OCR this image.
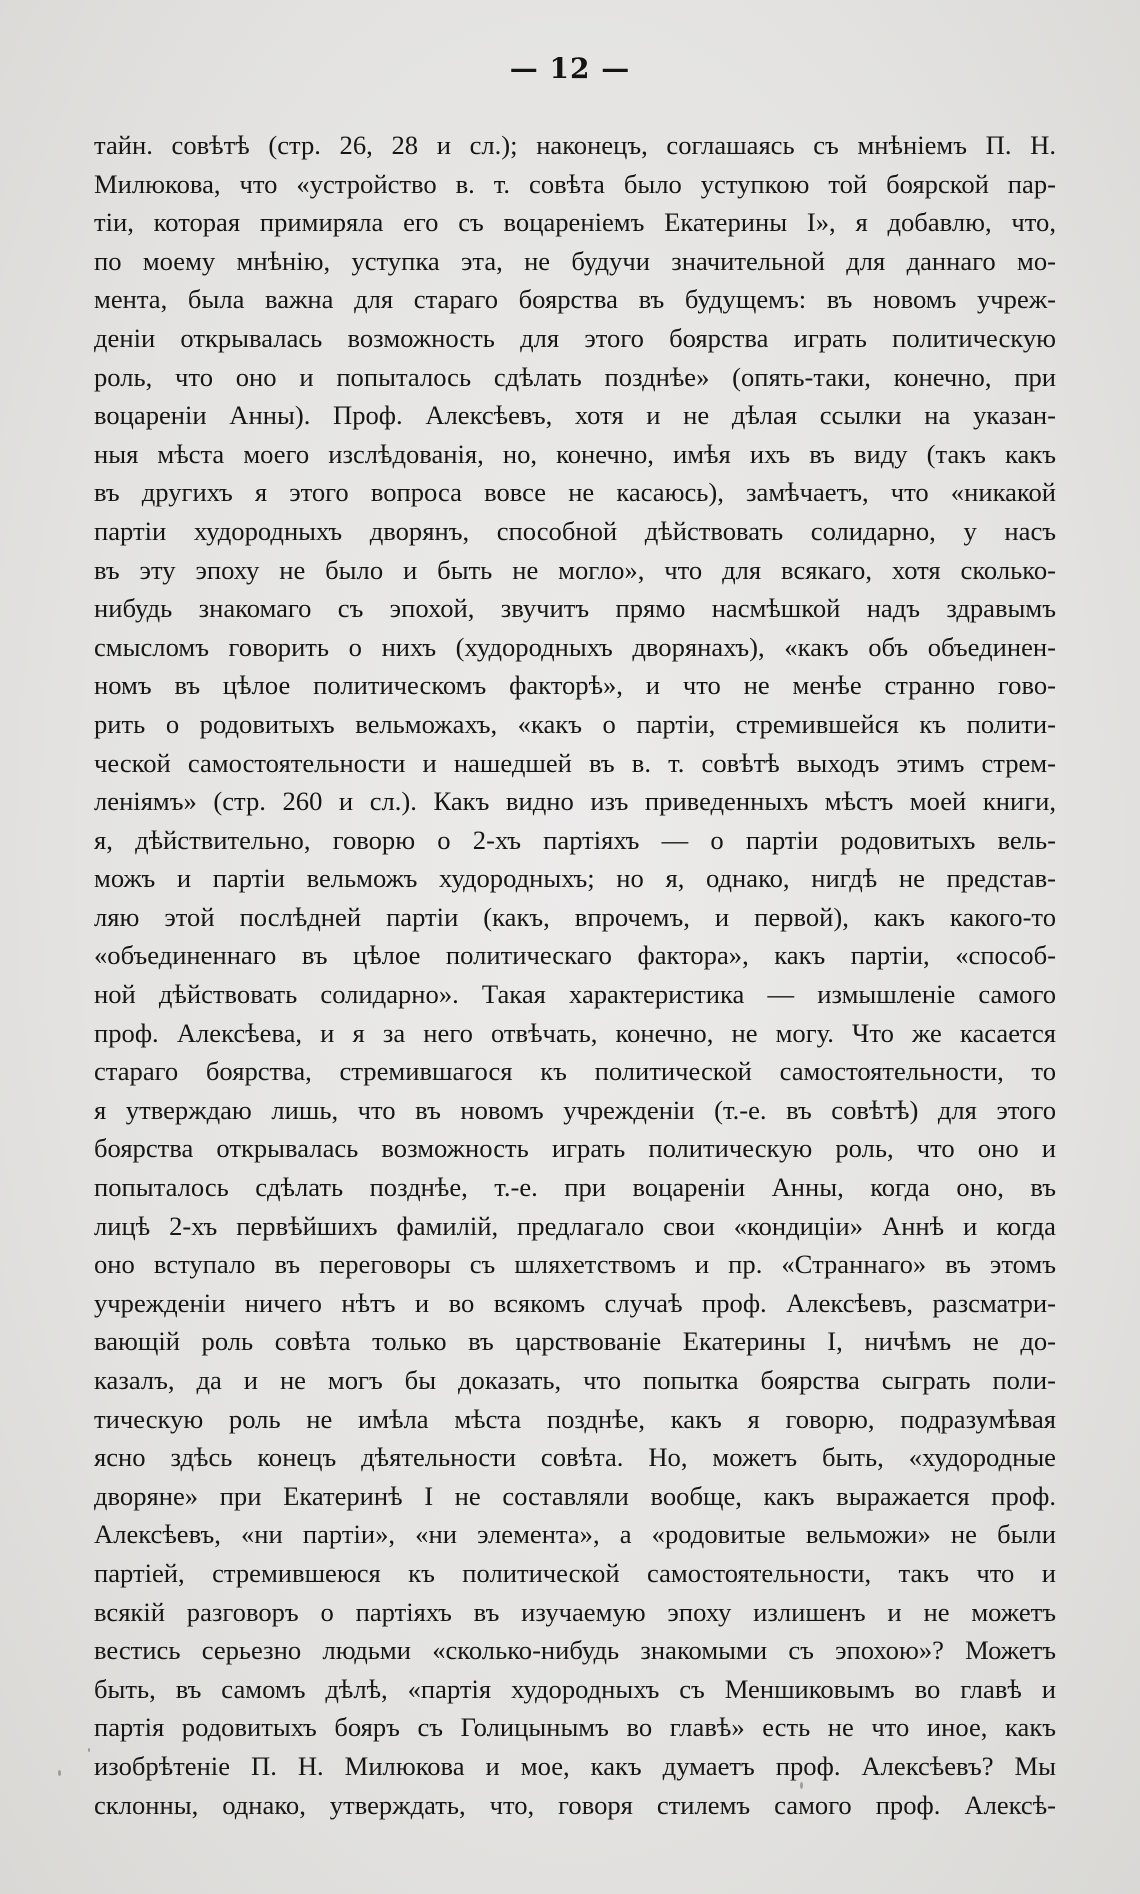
— 12 —
тайн. совѣтѣ (стр. 26, 28 и сл.); наконецъ, соглашаясь съ мнѣніемъ П. Н.
Милюкова, что «устройство в. т. совѣта было уступкою той боярской пар-
тіи, которая примиряла его съ воцареніемъ Екатерины I», я добавлю, что,
по моему мнѣнію, уступка эта, не будучи значительной для даннаго мо-
мента, была важна для стараго боярства въ будущемъ: въ новомъ учреж-
деніи открывалась возможность для этого боярства играть политическую
роль, что оно и попыталось сдѣлать позднѣе» (опять-таки, конечно, при
воцареніи Анны). Проф. Алексѣевъ, хотя и не дѣлая ссылки на указан-
ныя мѣста моего изслѣдованія, но, конечно, имѣя ихъ въ виду (такъ какъ
въ другихъ я этого вопроса вовсе не касаюсь), замѣчаетъ, что «никакой
партіи худородныхъ дворянъ, способной дѣйствовать солидарно, у насъ
въ эту эпоху не было и быть не могло», что для всякаго, хотя сколько-
нибудь знакомаго съ эпохой, звучитъ прямо насмѣшкой надъ здравымъ
смысломъ говорить о нихъ (худородныхъ дворянахъ), «какъ объ объединен-
номъ въ цѣлое политическомъ факторѣ», и что не менѣе странно гово-
рить о родовитыхъ вельможахъ, «какъ о партіи, стремившейся къ полити-
ческой самостоятельности и нашедшей въ в. т. совѣтѣ выходъ этимъ стрем-
леніямъ» (стр. 260 и сл.). Какъ видно изъ приведенныхъ мѣстъ моей книги,
я, дѣйствительно, говорю о 2-хъ партіяхъ — о партіи родовитыхъ вель-
можъ и партіи вельможъ худородныхъ; но я, однако, нигдѣ не представ-
ляю этой послѣдней партіи (какъ, впрочемъ, и первой), какъ какого-то
«объединеннаго въ цѣлое политическаго фактора», какъ партіи, «способ-
ной дѣйствовать солидарно». Такая характеристика — измышленіе самого
проф. Алексѣева, и я за него отвѣчать, конечно, не могу. Что же касается
стараго боярства, стремившагося къ политической самостоятельности, то
я утверждаю лишь, что въ новомъ учрежденіи (т.-е. въ совѣтѣ) для этого
боярства открывалась возможность играть политическую роль, что оно и
попыталось сдѣлать позднѣе, т.-е. при воцареніи Анны, когда оно, въ
лицѣ 2-хъ первѣйшихъ фамилій, предлагало свои «кондиціи» Аннѣ и когда
оно вступало въ переговоры съ шляхетствомъ и пр. «Страннаго» въ этомъ
учрежденіи ничего нѣтъ и во всякомъ случаѣ проф. Алексѣевъ, разсматри-
вающій роль совѣта только въ царствованіе Екатерины I, ничѣмъ не до-
казалъ, да и не могъ бы доказать, что попытка боярства сыграть поли-
тическую роль не имѣла мѣста позднѣе, какъ я говорю, подразумѣвая
ясно здѣсь конецъ дѣятельности совѣта. Но, можетъ быть, «худородные
дворяне» при Екатеринѣ I не составляли вообще, какъ выражается проф.
Алексѣевъ, «ни партіи», «ни элемента», а «родовитые вельможи» не были
партіей, стремившеюся къ политической самостоятельности, такъ что и
всякій разговоръ о партіяхъ въ изучаемую эпоху излишенъ и не можетъ
вестись серьезно людьми «сколько-нибудь знакомыми съ эпохою»? Можетъ
быть, въ самомъ дѣлѣ, «партія худородныхъ съ Меншиковымъ во главѣ и
партія родовитыхъ бояръ съ Голицынымъ во главѣ» есть не что иное, какъ
изобрѣтеніе П. Н. Милюкова и мое, какъ думаетъ проф. Алексѣевъ? Мы
склонны, однако, утверждать, что, говоря стилемъ самого проф. Алексѣ-
